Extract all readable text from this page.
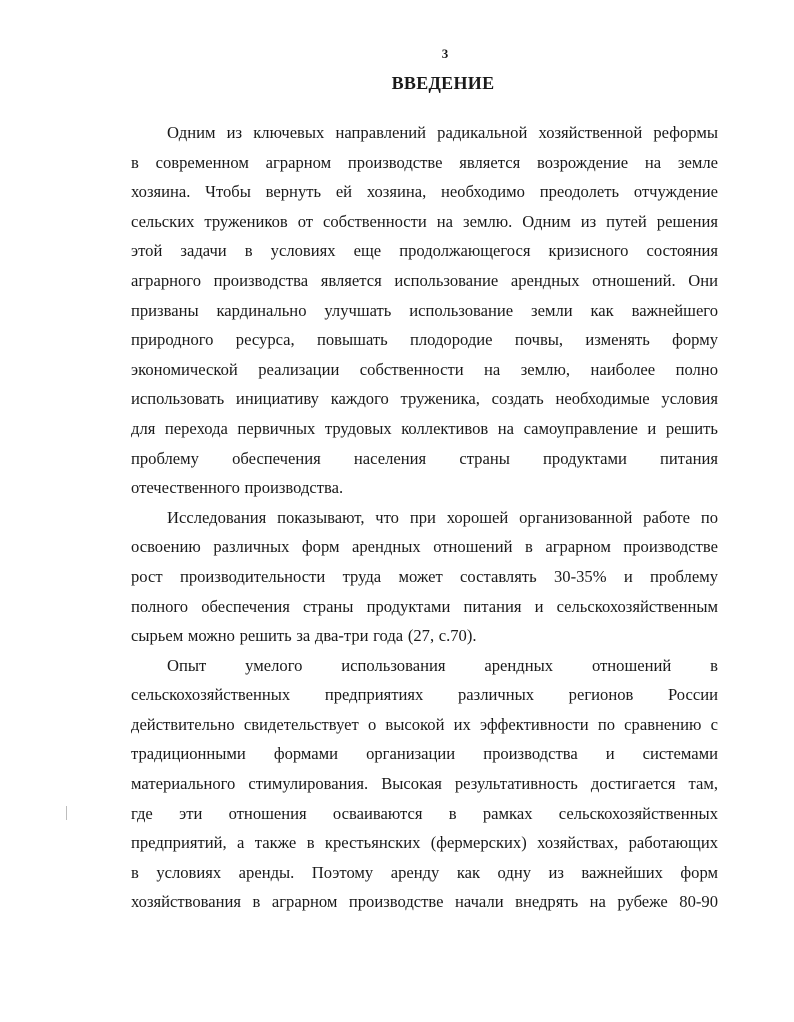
3
ВВЕДЕНИЕ

Одним из ключевых направлений радикальной хозяйственной реформы
в современном аграрном производстве является возрождение на земле
хозяина. Чтобы вернуть ей хозяина, необходимо преодолеть отчуждение
сельских тружеников от собственности на землю. Одним из путей решения
этой задачи в условиях еще продолжающегося кризисного состояния
аграрного производства является использование арендных отношений. Они
призваны кардинально улучшать использование земли как важнейшего
природного ресурса, повышать плодородие почвы, изменять форму
экономической реализации собственности на землю, наиболее полно
использовать инициативу каждого труженика, создать необходимые условия
для перехода первичных трудовых коллективов на самоуправление и решить
проблему обеспечения населения страны продуктами питания
отечественного производства.

Исследования показывают, что при хорошей организованной работе по
освоению различных форм арендных отношений в аграрном производстве
рост производительности труда может составлять 30-35% и проблему
полного обеспечения страны продуктами питания и сельскохозяйственным
сырьем можно решить за два-три года (27, с.70).

Опыт умелого использования арендных отношений в
сельскохозяйственных предприятиях различных регионов России
действительно свидетельствует о высокой их эффективности по сравнению с
традиционными формами организации производства и системами
материального стимулирования. Высокая результативность достигается там,
где эти отношения осваиваются в рамках сельскохозяйственных
предприятий, а также в крестьянских (фермерских) хозяйствах, работающих
в условиях аренды. Поэтому аренду как одну из важнейших форм
хозяйствования в аграрном производстве начали внедрять на рубеже 80-90
